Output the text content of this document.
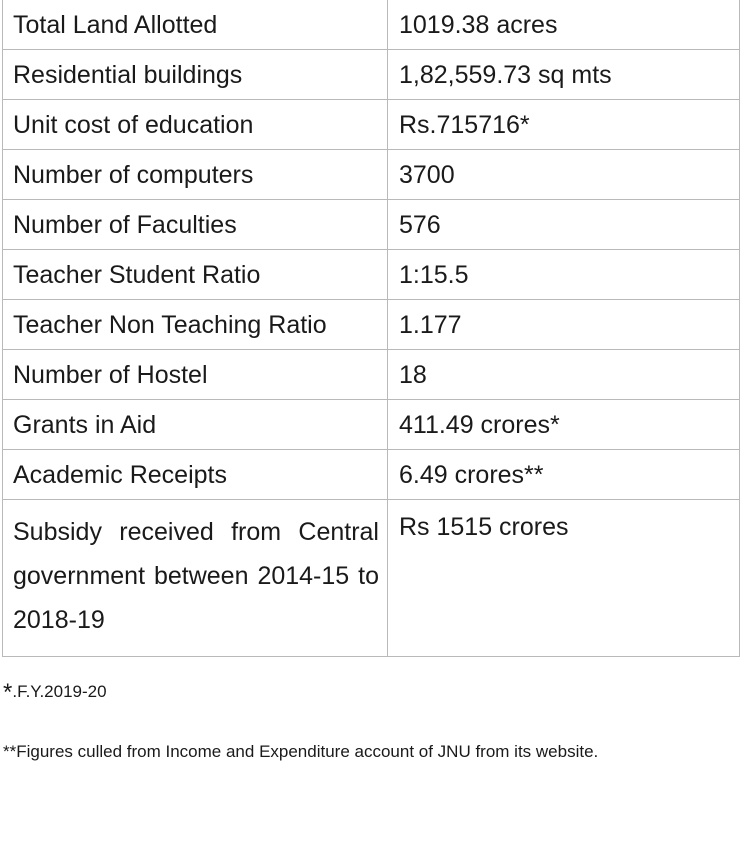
Total Land Allotted	1019.38 acres
Residential buildings	1,82,559.73 sq mts
Unit cost of education	Rs.715716*
Number of computers	3700
Number of Faculties	576
Teacher Student Ratio	1:15.5
Teacher Non Teaching Ratio	1.177
Number of Hostel	18
Grants in Aid	411.49 crores*
Academic Receipts	6.49 crores**
Subsidy received from Central government between 2014-15 to 2018-19	Rs 1515 crores
*.F.Y.2019-20
**Figures culled from Income and Expenditure account of JNU from its website.
